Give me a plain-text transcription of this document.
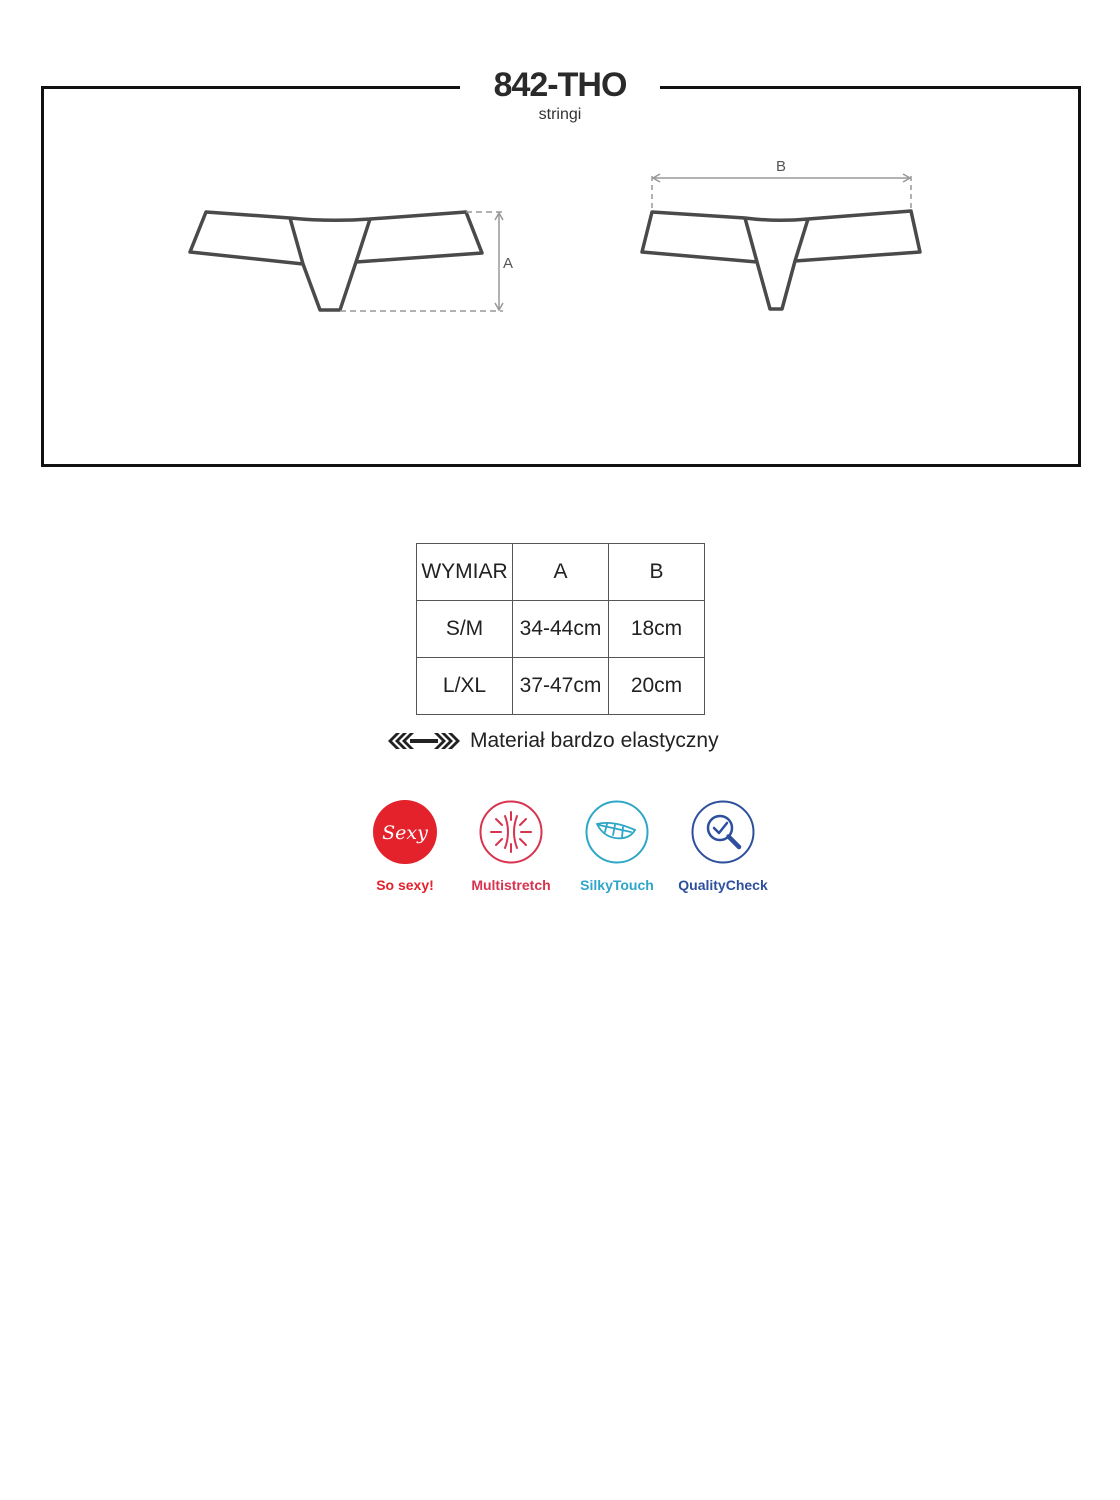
842-THO
stringi
A
B
WYMIAR	A	B
S/M	34-44cm	18cm
L/XL	37-47cm	20cm
Materiał bardzo elastyczny
Sexy
So sexy!	Multistretch	SilkyTouch	QualityCheck
